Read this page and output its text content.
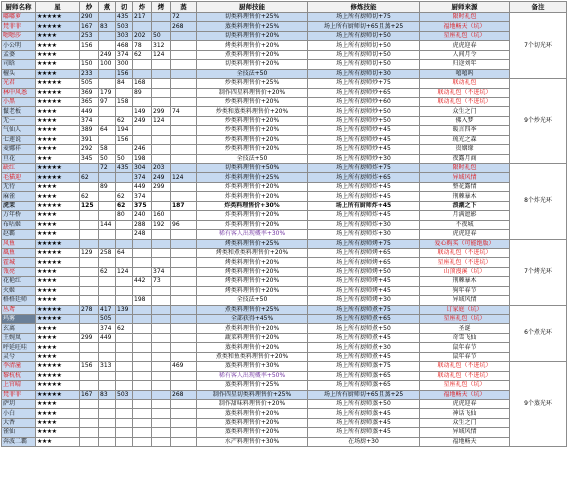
厨师名称	星	炒	煮	切	炸	烤	蒸	厨师技能	修炼技能	厨师来源	备注
嘟嘟萝	★★★★★	290		435	217		72	切类料理售价+25%	场上所有厨师切+75	限时礼包	7个切光环
梵菲菲	★★★★★	167	83	503			268	蒸类料理售价+25%	场上所有厨师切+65且蒸+25	福地畅天（坑）	
嗯嗯莎	★★★★	253		303	202	50		切类料理售价+20%	场上所有厨师切+50	星座礼包（坑）	
小公明	★★★★	156		468	78	312		烤类料理售价+20%	场上所有厨师切+50	虎虎迎春	
孟婆	★★★★		249	374	62	124		煮类料理售价+20%	场上所有厨师切+50	人间月令	
司晗	★★★★	150	100	300				切类料理售价+20%	场上所有厨师切+50	归途刘年	
檀头	★★★★	233		156				全技法+50	场上所有厨师切+30	嘻嘻呜	
光君	★★★★★	505		84	168			炒类料理售价+25%	场上所有厨师炒+75	联动礼包	9个炒光环
林中风悉	★★★★★	369	179		89			制作四星料理售价+20%	场上所有厨师炒+65	联动礼包（不进坑）	
小黑	★★★★★	365	97	158				炒类料理售价+20%	场上所有厨师炒+60	联动礼包（不进坑）	
鬣老板	★★★★	449			149	299	74	炒类和蒸类料理售价+20%	场上所有厨师炒+50	众生之门	
无一	★★★★	374		62	249	124		炒类料理售价+20%	场上所有厨师炒+50	佛入梦	
气仙人	★★★★	389	64	194				炒类料理售价+20%	场上所有厨师炒+45	暖言四季	
七莲说	★★★★	391		156				炒类料理售价+20%	场上所有厨师炒+45	琉光之森	
麦娜祥	★★★★	292	58		246			炒类料理售价+20%	场上所有厨师炒+45	贵姻缘	
亘花	★★★	345	50	50	198			全技法+50	场上所有厨师炒+30	夜露月商	
缺红	★★★★★		72	435	304	203		切类料理售价+50%	场上所有厨师炸+75	限时礼包	8个炸光环
毛猫迎	★★★★★	62			374	249	124	炸类料理售价+25%	场上所有厨师炸+65	异域风情	
无待	★★★★		89		449	299		炸类料理售价+20%	场上所有厨师炸+45	整花露情	
麻雀	★★★★	62		62	374			炸类料理售价+20%	场上所有厨师炸+45	荆棘暴木	
虎茉	★★★★★	125		62	375		187	炸类料理售价+30%	场上所有厨师炸+45	浪潮之下	
万年桥	★★★★			80	240	160		炸类料理售价+20%	场上所有厨师炸+45	月满遮影	
布咕姬	★★★★		144		288	192	96	炸类料理售价+20%	场上所有厨师炸+30	不夜城	
赵霸	★★★★				248			稀有客人出现概率+30%	场上所有厨师炸+30	虎虎迎春	
风鱼	★★★★★							烤类料理售价+25%	场上所有厨师烤+75	爱心购买（可能绝版）	7个烤光环
風鱼	★★★★★	129	258	64				烤类和煮类料理售价+20%	场上所有厨师烤+65	联动礼包（不进坑）	
霍城	★★★★★							烤类料理售价+20%	场上所有厨师烤+65	星座礼包（不进坑）	
瓴亮	★★★★		62	124		374		烤类料理售价+20%	场上所有厨师烤+50	山顶漫溪（坑）	
花艳红	★★★★				442	73		烤类料理售价+20%	场上所有厨师烤+45	荆棘暴木	
火姬	★★★★							烤类料理售价+20%	场上所有厨师烤+45	狗年春节	
格格廷师	★★★★				198			全技法+50	场上所有厨师烤+30	异域风情	
丛鸢	★★★★★	278	417	139				煮类料理售价+25%	场上所有厨师煮+75	订家庭（坑）	6个煮光环
玛雾	★★★★★		505					全部获得+45%	场上所有厨师煮+65	星座礼包（坑）	
玄离	★★★★		374	62				煮类料理售价+20%	场上所有厨师煮+50	圣诞	
王婉岚	★★★★	299	449					蔬菜料理售价+20%	场上所有厨师煮+45	奇雪飞仙	
呼延旺哇	★★★★							蒸类料理售价+20%	场上所有厨师煮+30	鼠年春节	
灵兮	★★★★							煮类和鱼类料理售价+20%	场上所有厨师煮+45	鼠年春节	
李清潼	★★★★★	156	313				469	蒸类料理售价+30%	场上所有厨师蒸+75	联动礼包（不进坑）	9个蒸光环
黎杭杭	★★★★★							稀有客人出现概率+50%	场上所有厨师蒸+65	联动礼包（不进坑）	
上官晴	★★★★★							蒸类料理售价+25%	场上所有厨师蒸+65	星座礼包（坑）	
梵菲菲	★★★★★	167	83	503			268	制作四星切类料理售价+25%	场上所有厨师切+65且蒸+25	福地畅天（坑）	
萨玥	★★★★							制作甜味料理售价+20%	场上所有厨师蒸+50	虎虎迎春	
小白	★★★★							蒸类料理售价+20%	场上所有厨师蒸+45	神话飞仙	
大香	★★★★							蒸类料理售价+20%	场上所有厨师蒸+45	众生之门	
雀仙	★★★★							蒸类料理售价+20%	场上所有厨师蒸+45	异域风情	
奔波二霸	★★★							水产料理售价+30%	在场厨+30	福地畅天	
